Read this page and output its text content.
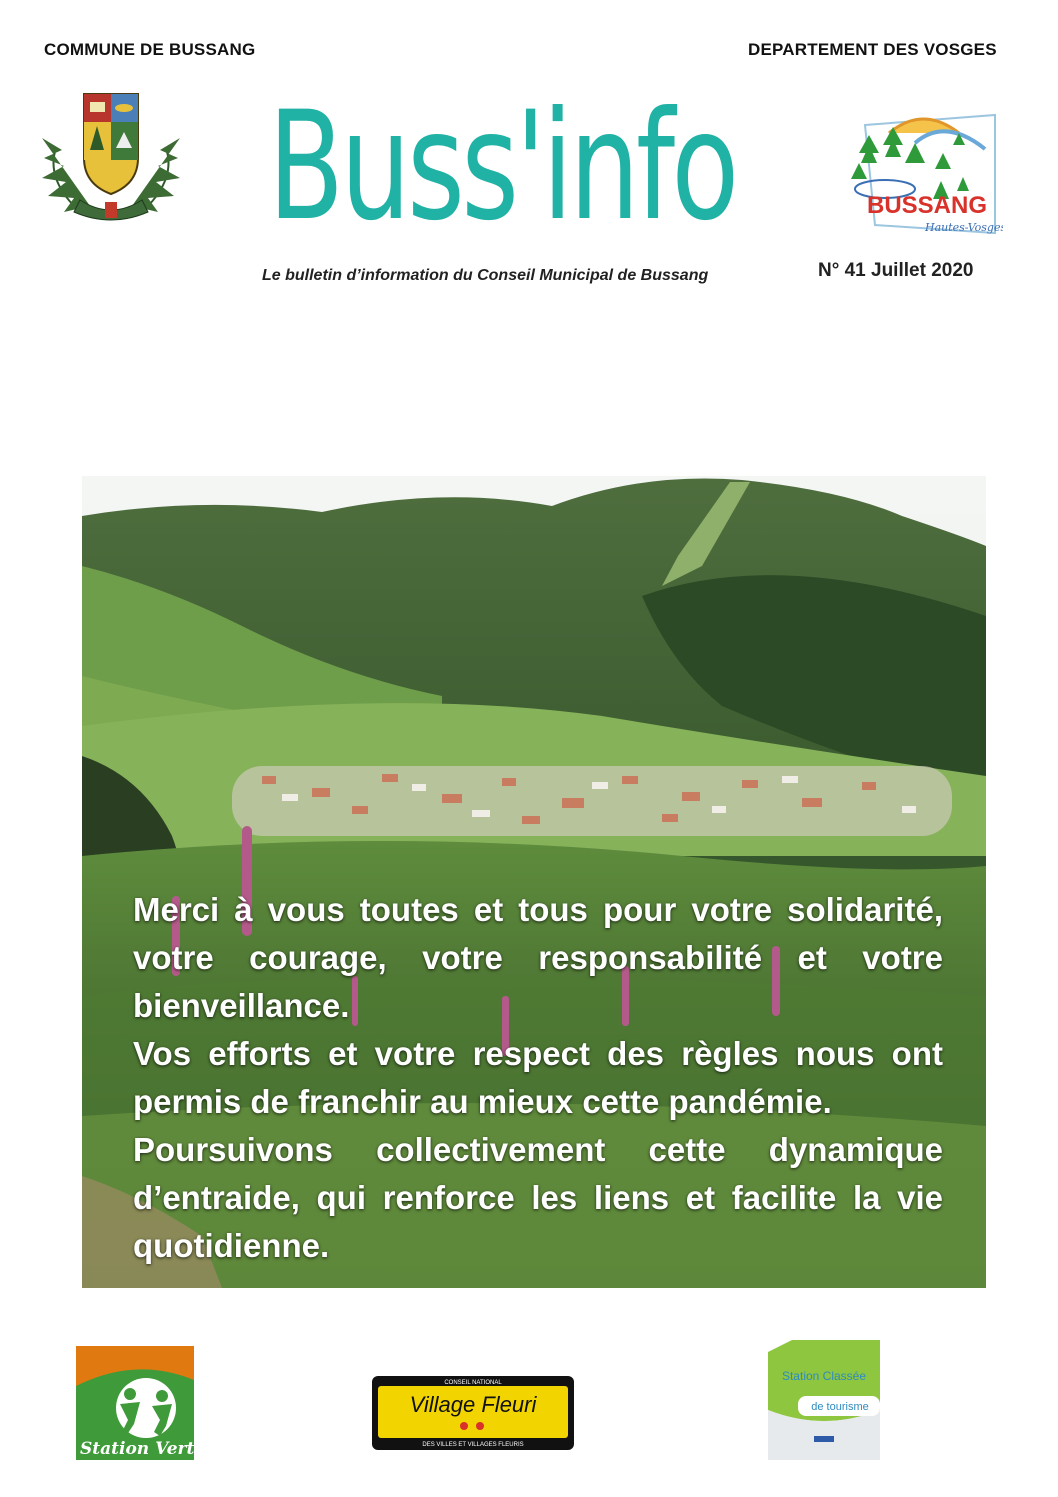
COMMUNE DE BUSSANG	DEPARTEMENT DES VOSGES
Buss'info	BUSSANG
Hautes-Vosges
Le bulletin d’information du Conseil Municipal de Bussang	N° 41 Juillet 2020

Merci à vous toutes et tous pour votre solidarité, votre courage, votre responsabilité et votre bienveillance.

Vos efforts et votre respect des règles nous ont permis de franchir au mieux cette pandémie.

Poursuivons collectivement cette dynamique d’entraide, qui renforce les liens et facilite la vie quotidienne.

Station Verte
CONSEIL NATIONAL
Village Fleuri
DES VILLES ET VILLAGES FLEURIS
Station Classée
de tourisme
